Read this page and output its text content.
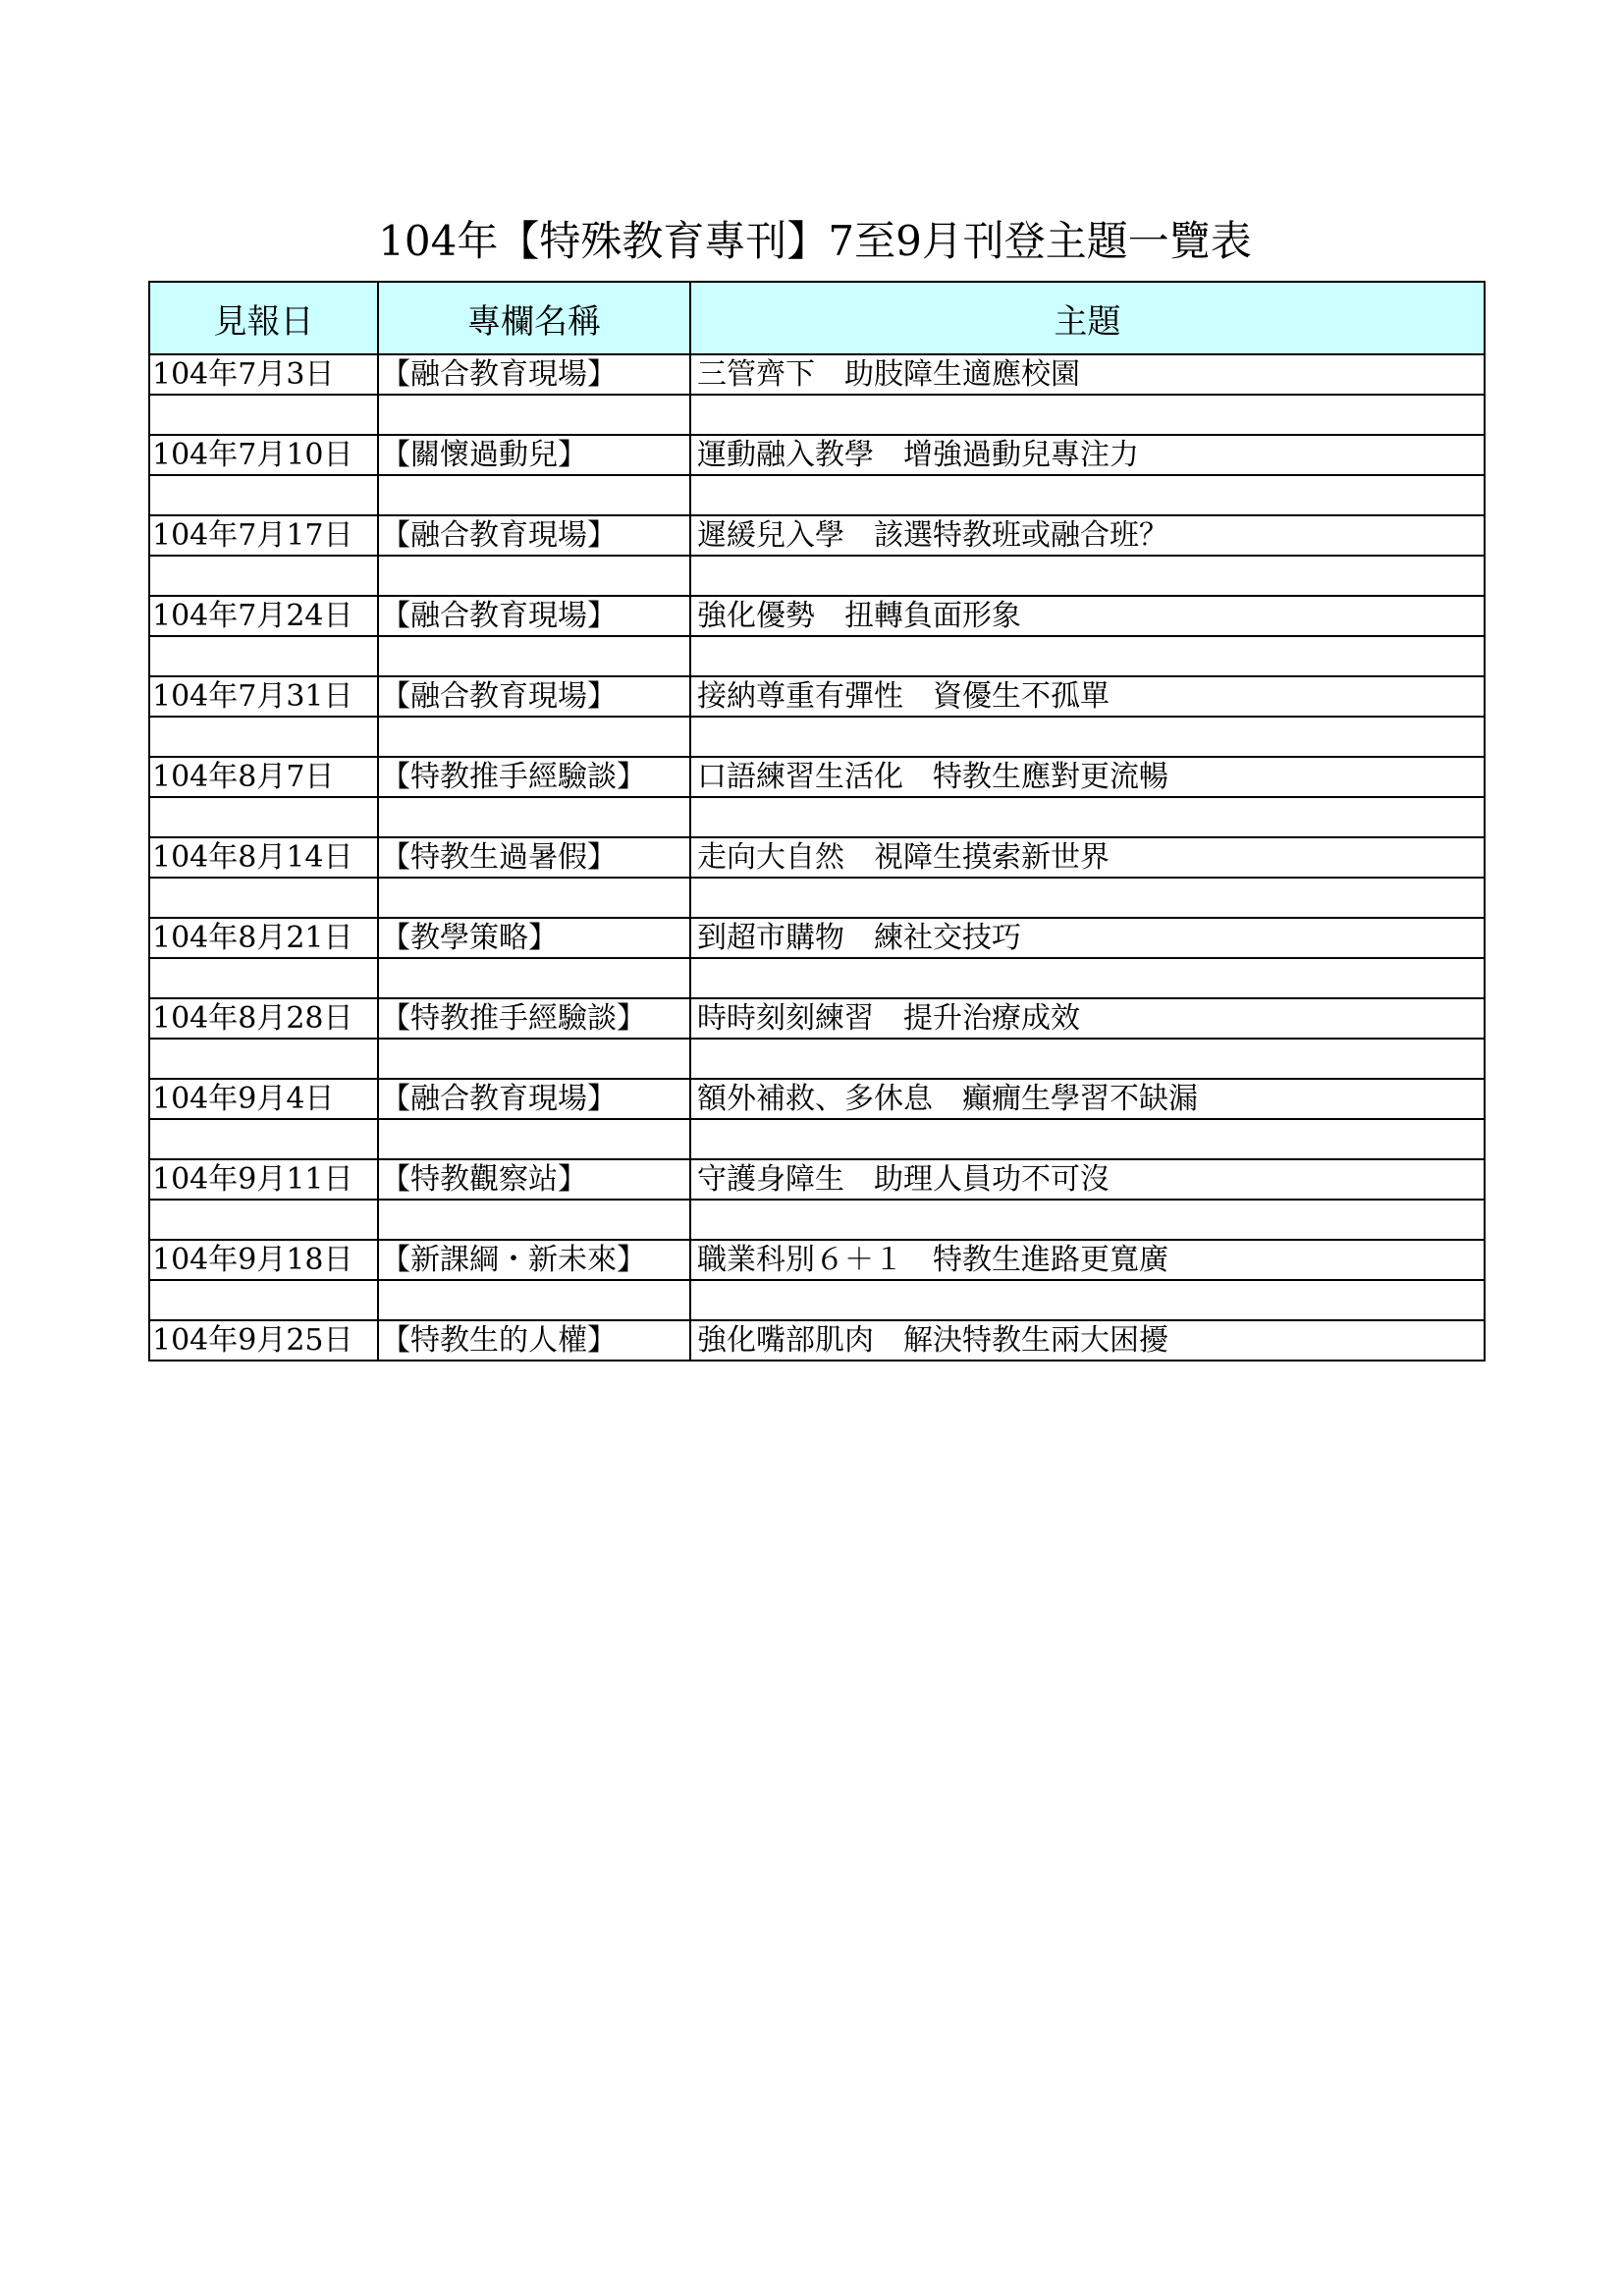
104年【特殊教育專刊】7至9月刊登主題一覽表
見報日	專欄名稱	主題
104年7月3日	【融合教育現場】	三管齊下　助肢障生適應校園

104年7月10日	【關懷過動兒】	運動融入教學　增強過動兒專注力

104年7月17日	【融合教育現場】	遲緩兒入學　該選特教班或融合班？

104年7月24日	【融合教育現場】	強化優勢　扭轉負面形象

104年7月31日	【融合教育現場】	接納尊重有彈性　資優生不孤單

104年8月7日	【特教推手經驗談】	口語練習生活化　特教生應對更流暢

104年8月14日	【特教生過暑假】	走向大自然　視障生摸索新世界

104年8月21日	【教學策略】	到超市購物　練社交技巧

104年8月28日	【特教推手經驗談】	時時刻刻練習　提升治療成效

104年9月4日	【融合教育現場】	額外補救、多休息　癲癇生學習不缺漏

104年9月11日	【特教觀察站】	守護身障生　助理人員功不可沒

104年9月18日	【新課綱・新未來】	職業科別６＋１　特教生進路更寬廣

104年9月25日	【特教生的人權】	強化嘴部肌肉　解決特教生兩大困擾
